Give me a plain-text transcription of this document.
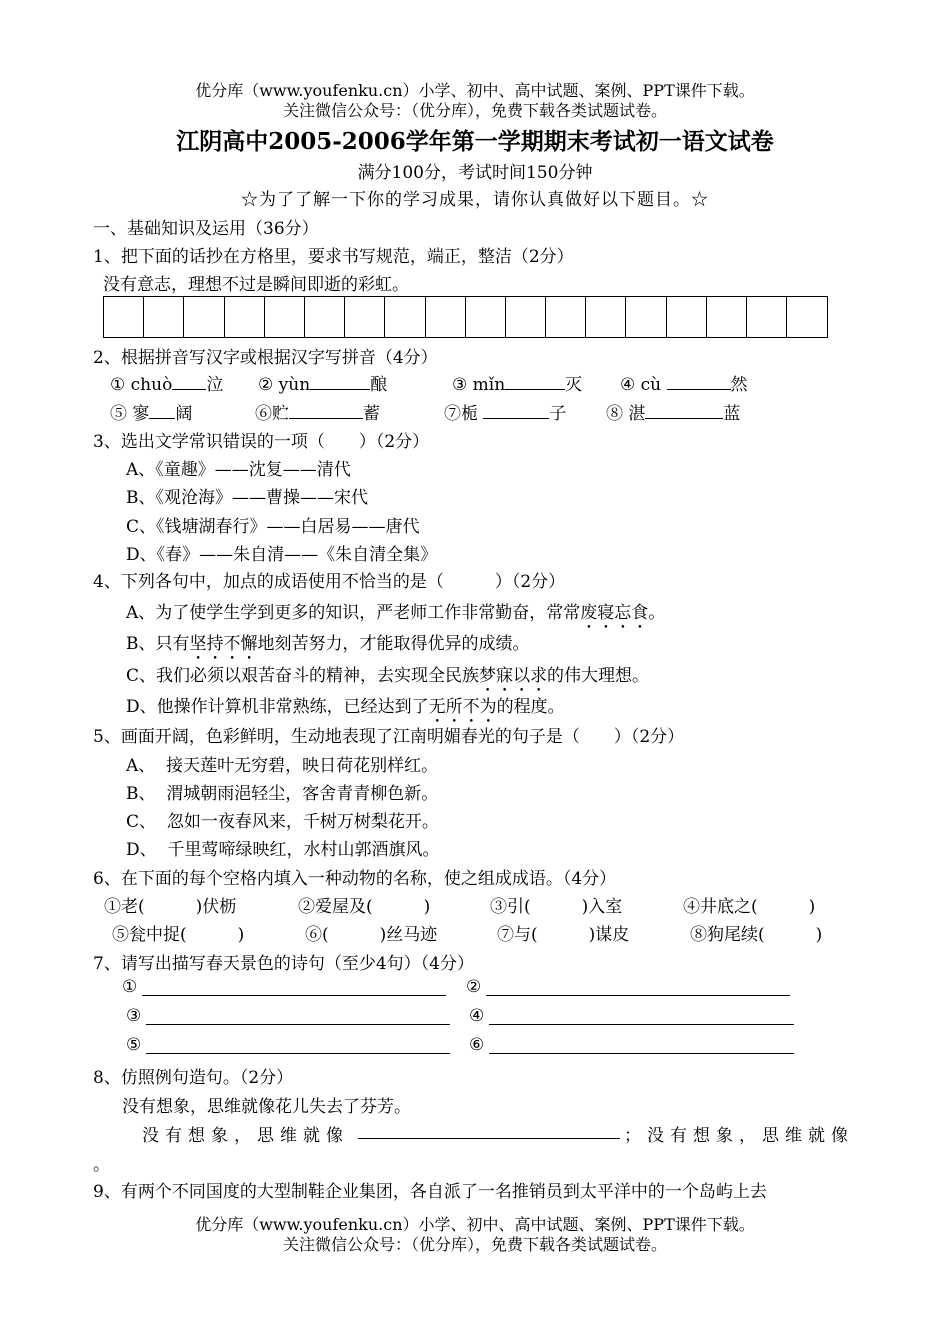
优分库（www.youfenku.cn）小学、初中、高中试题、案例、PPT课件下载。
关注微信公众号：（优分库），免费下载各类试题试卷。
江阴高中2005-2006学年第一学期期末考试初一语文试卷
满分100分，考试时间150分钟
☆为了了解一下你的学习成果，请你认真做好以下题目。☆
一、基础知识及运用（36分）
1、把下面的话抄在方格里，要求书写规范，端正，整洁（2分）
没有意志，理想不过是瞬间即逝的彩虹。
2、根据拼音写汉字或根据汉字写拼音（4分）
① chuò 泣 ② yùn	酿	③ mǐn	灭 ④ cù	然
⑤ 寥 阔	⑥贮	蓄	⑦栀	子 ⑧ 湛	蓝
3、选出文学常识错误的一项（　　）（2分）
A、《童趣》——沈复——清代
B、《观沧海》——曹操——宋代
C、《钱塘湖春行》——白居易——唐代
D、《春》——朱自清——《朱自清全集》
4、下列各句中，加点的成语使用不恰当的是（　　　）（2分）
A、为了使学生学到更多的知识，严老师工作非常勤奋，常常废寝忘食。
B、只有坚持不懈地刻苦努力，才能取得优异的成绩。
C、我们必须以艰苦奋斗的精神，去实现全民族梦寐以求的伟大理想。
D、他操作计算机非常熟练，已经达到了无所不为的程度。
5、画面开阔，色彩鲜明，生动地表现了江南明媚春光的句子是（　　）（2分）
A、 接天莲叶无穷碧，映日荷花别样红。
B、 渭城朝雨浥轻尘，客舍青青柳色新。
C、 忽如一夜春风来，千树万树梨花开。
D、 千里莺啼绿映红，水村山郭酒旗风。
6、在下面的每个空格内填入一种动物的名称，使之组成成语。（4分）
①老(　　　)伏枥	②爱屋及(　　　)	③引(　　　)入室	④井底之(　　　)
⑤瓮中捉(　　　)	⑥(　　　)丝马迹	⑦与(　　　)谋皮	⑧狗尾续(　　　)
7、请写出描写春天景色的诗句（至少4句）（4分）
①	②
③	④
⑤	⑥
8、仿照例句造句。（2分）
没有想象，思维就像花儿失去了芬芳。
没有想象，思维就像	；没有想象，思维就像
。
9、有两个不同国度的大型制鞋企业集团，各自派了一名推销员到太平洋中的一个岛屿上去
优分库（www.youfenku.cn）小学、初中、高中试题、案例、PPT课件下载。
关注微信公众号：（优分库），免费下载各类试题试卷。
